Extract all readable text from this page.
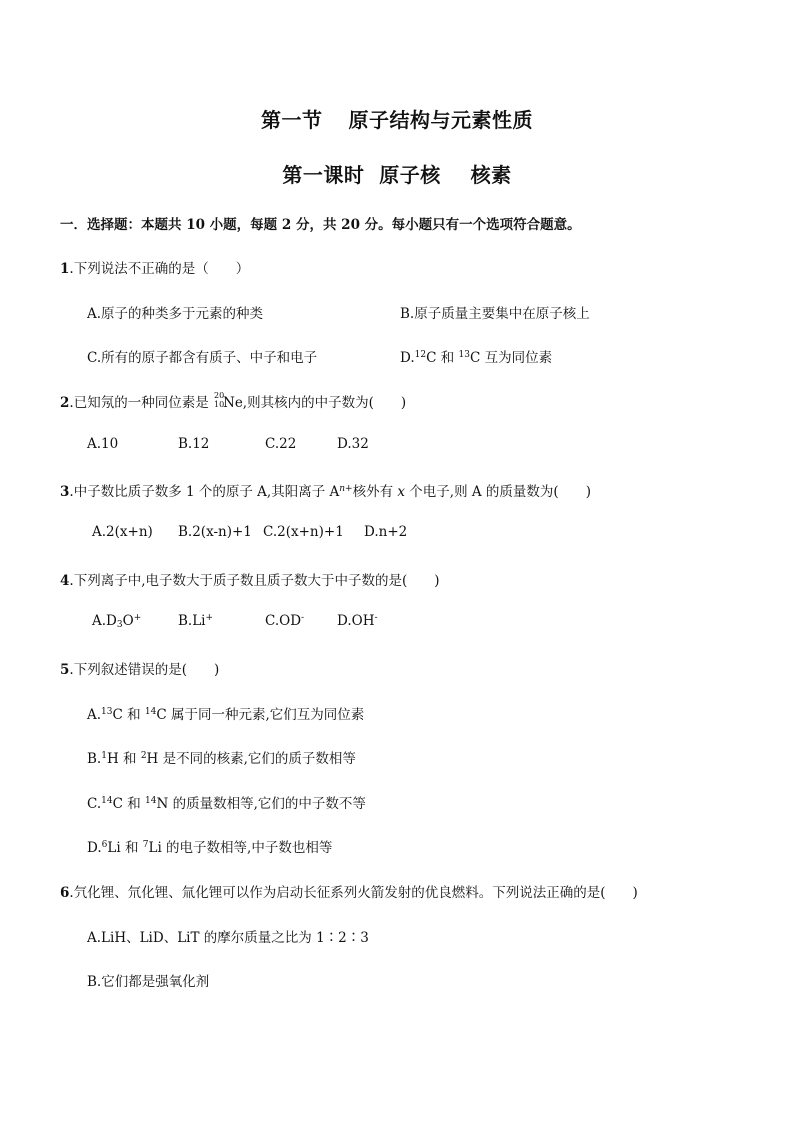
第一节 原子结构与元素性质
第一课时  原子核    核素
一．选择题：本题共 10 小题，每题 2 分，共 20 分。每小题只有一个选项符合题意。
1.下列说法不正确的是（　　）
A.原子的种类多于元素的种类	B.原子质量主要集中在原子核上
C.所有的原子都含有质子、中子和电子	D.$^{12}$C 和 $^{13}$C 互为同位素
2.已知氖的一种同位素是 20
10
Ne,则其核内的中子数为(　　)
A.10	B.12	C.22	D.32
3.中子数比质子数多 1 个的原子 A,其阳离子 $A^{n+}$核外有 x 个电子,则 A 的质量数为(　　)
A.2(x+n) B.2(x-n)+1 C.2(x+n)+1 D.n+2
4.下列离子中,电子数大于质子数且质子数大于中子数的是(　　)
$A.D_3O^+$	B.Li+	C.OD- D.OH-
5.下列叙述错误的是(　　)
A.$^{13}$C 和 $^{14}$C 属于同一种元素,它们互为同位素
B.$^1$H 和 $^2$H 是不同的核素,它们的质子数相等
C.$^{14}$C 和 $^{14}$N 的质量数相等,它们的中子数不等
D.$^6$Li 和 $^7$Li 的电子数相等,中子数也相等
6.氕化锂、氘化锂、氚化锂可以作为启动长征系列火箭发射的优良燃料。下列说法正确的是(　　)
A.LiH、LiD、LiT 的摩尔质量之比为 1∶2∶3
B.它们都是强氧化剂
